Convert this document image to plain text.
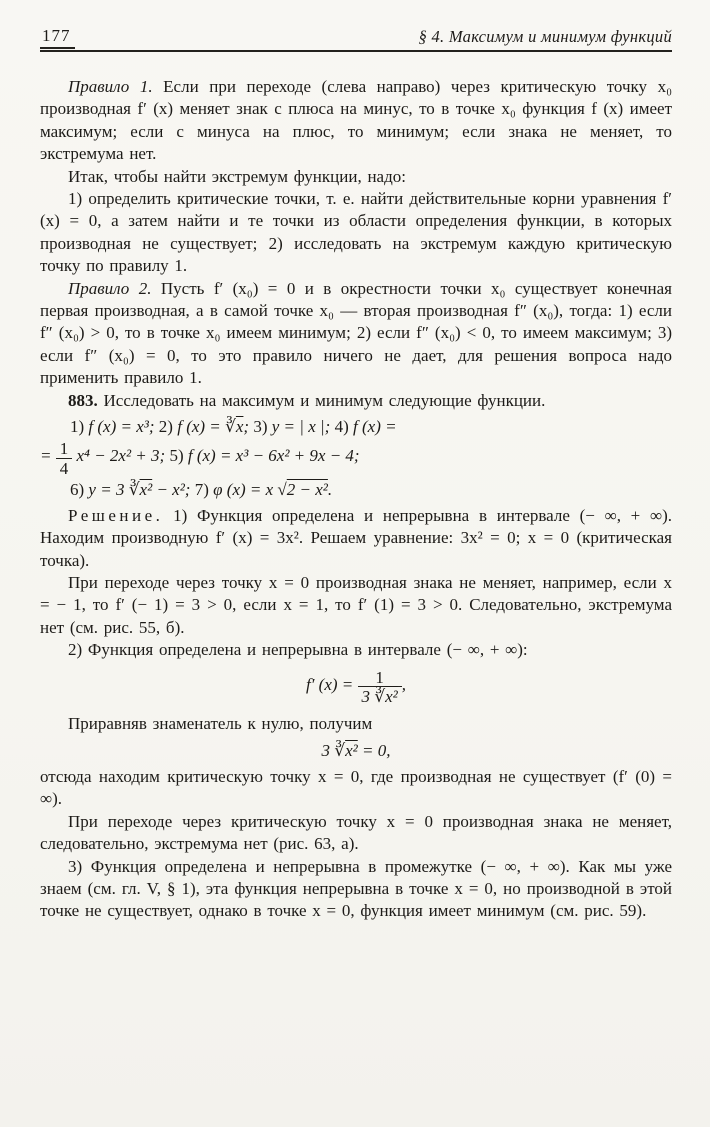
177	§ 4. Максимум и минимум функций

Правило 1. Если при переходе (слева направо) через критическую точку x₀ производная f′ (x) меняет знак с плюса на минус, то в точке x₀ функция f (x) имеет максимум; если с минуса на плюс, то минимум; если знака не меняет, то экстремума нет.

Итак, чтобы найти экстремум функции, надо:

1) определить критические точки, т. е. найти действительные корни уравнения f′ (x) = 0, а затем найти и те точки из области определения функции, в которых производная не существует; 2) исследовать на экстремум каждую критическую точку по правилу 1.

Правило 2. Пусть f′ (x₀) = 0 и в окрестности точки x₀ существует конечная первая производная, а в самой точке x₀ — вторая производная f″ (x₀), тогда: 1) если f″ (x₀) > 0, то в точке x₀ имеем минимум; 2) если f″ (x₀) < 0, то имеем максимум; 3) если f″ (x₀) = 0, то это правило ничего не дает, для решения вопроса надо применить правило 1.

883. Исследовать на максимум и минимум следующие функции.

1) f (x) = x³; 2) f $(x) = ∛\overline{x}$; 3) y = | x |; 4) f (x) =
= $\frac{1}{4} x^4 - 2x^2 + 3$; 5) f (x) = x³ − 6x² + 9x − 4;
6) y = 3 ∛x² − x²; 7) φ (x) = x √2 − x².

Решение. 1) Функция определена и непрерывна в интервале (− ∞, + ∞). Находим производную f′ (x) = 3x². Решаем уравнение: 3x² = 0; x = 0 (критическая точка).

При переходе через точку x = 0 производная знака не меняет, например, если x = − 1, то f′ (− 1) = 3 > 0, если x = 1, то f′ (1) = 3 > 0. Следовательно, экстремума нет (см. рис. 55, б).

2) Функция определена и непрерывна в интервале (− ∞, + ∞):

f′ $(x) = \frac{1}{\text{3 ∛x²}}$ ,

Приравняв знаменатель к нулю, получим

3 ∛x² = 0,

отсюда находим критическую точку x = 0, где производная не существует (f′ (0) = ∞).

При переходе через критическую точку x = 0 производная знака не меняет, следовательно, экстремума нет (рис. 63, а).

3) Функция определена и непрерывна в промежутке (− ∞, + ∞). Как мы уже знаем (см. гл. V, § 1), эта функция непрерывна в точке x = 0, но производной в этой точке не существует, однако в точке x = 0, функция имеет минимум (см. рис. 59).
